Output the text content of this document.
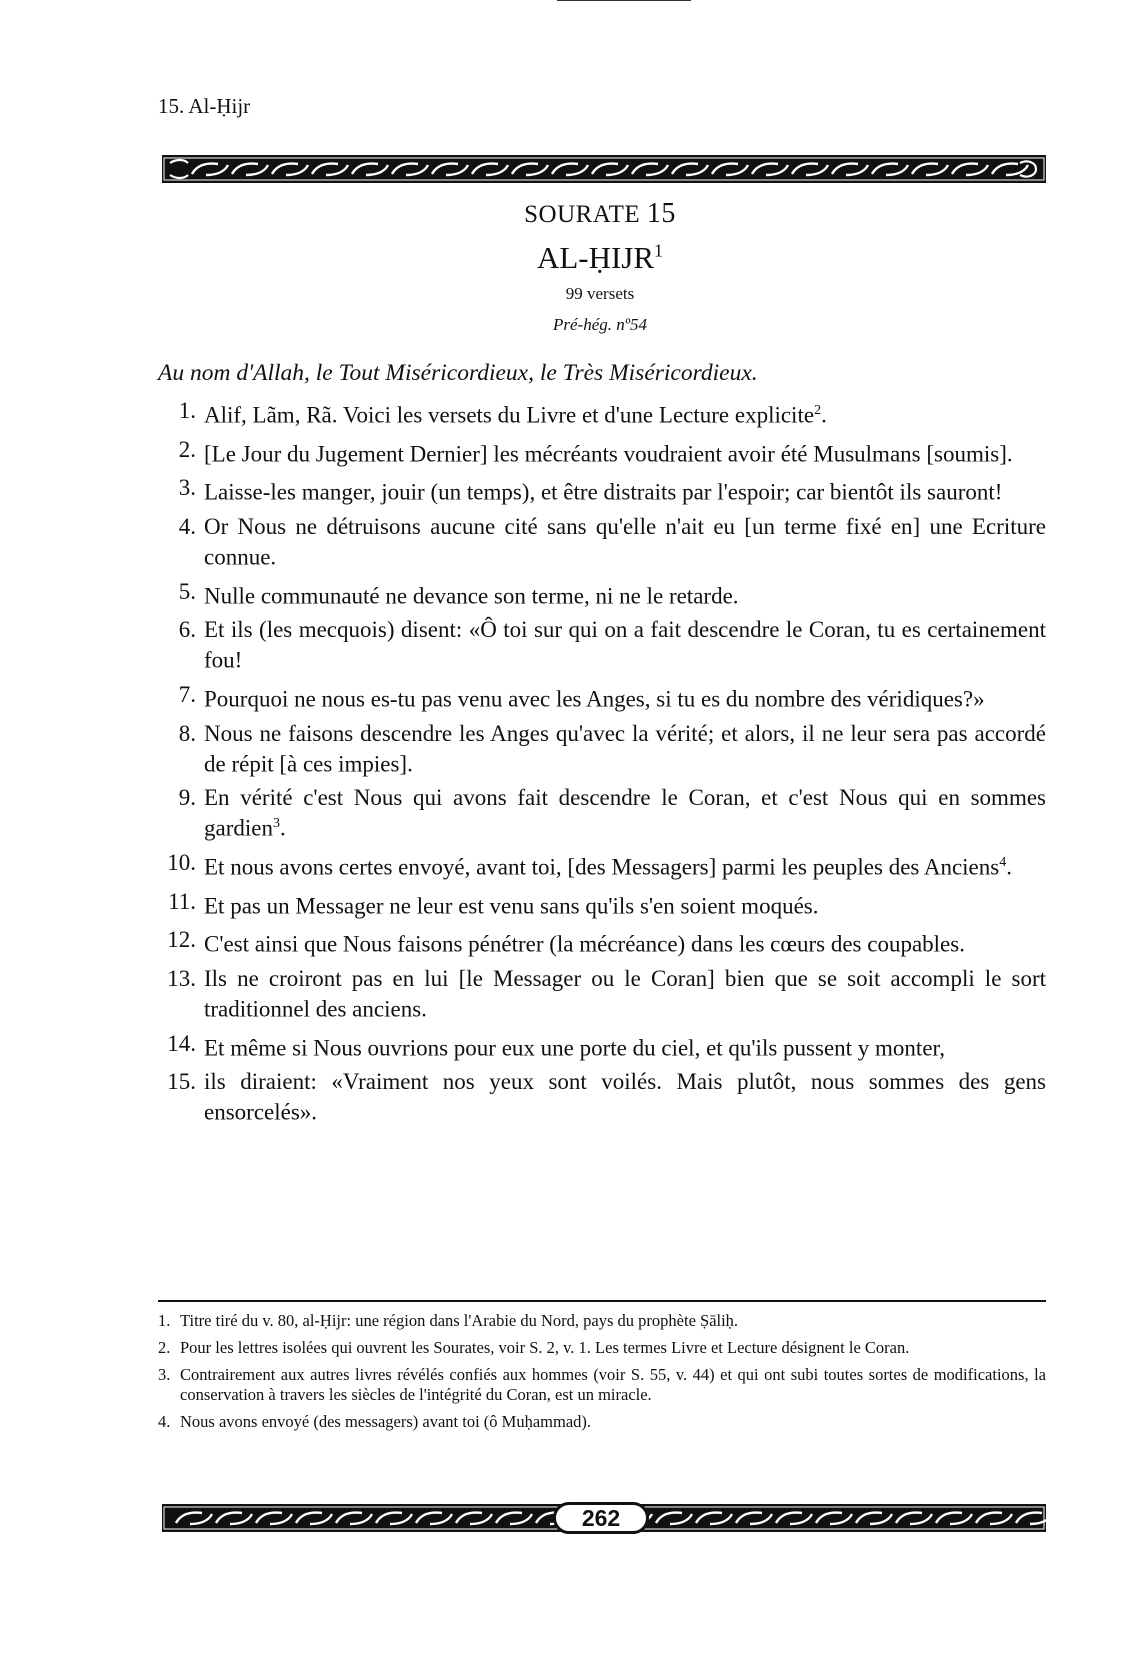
15. Al-Ḥijr
SOURATE 15
AL-ḤIJR$^1$
99 versets
Pré-hég. nº54
Au nom d'Allah, le Tout Miséricordieux, le Très Miséricordieux.
1. Alif, Lãm, Rã. Voici les versets du Livre et d'une Lecture explicite$^2$.
2. [Le Jour du Jugement Dernier] les mécréants voudraient avoir été Musulmans [soumis].
3. Laisse-les manger, jouir (un temps), et être distraits par l'espoir; car bientôt ils sauront!
4. Or Nous ne détruisons aucune cité sans qu'elle n'ait eu [un terme fixé en] une Ecriture connue.
5. Nulle communauté ne devance son terme, ni ne le retarde.
6. Et ils (les mecquois) disent: «Ô toi sur qui on a fait descendre le Coran, tu es certainement fou!
7. Pourquoi ne nous es-tu pas venu avec les Anges, si tu es du nombre des véridiques?»
8. Nous ne faisons descendre les Anges qu'avec la vérité; et alors, il ne leur sera pas accordé de répit [à ces impies].
9. En vérité c'est Nous qui avons fait descendre le Coran, et c'est Nous qui en sommes gardien$^3$.
10. Et nous avons certes envoyé, avant toi, [des Messagers] parmi les peuples des Anciens$^4$.
11. Et pas un Messager ne leur est venu sans qu'ils s'en soient moqués.
12. C'est ainsi que Nous faisons pénétrer (la mécréance) dans les cœurs des coupables.
13. Ils ne croiront pas en lui [le Messager ou le Coran] bien que se soit accompli le sort traditionnel des anciens.
14. Et même si Nous ouvrions pour eux une porte du ciel, et qu'ils pussent y monter,
15. ils diraient: «Vraiment nos yeux sont voilés. Mais plutôt, nous sommes des gens ensorcelés».
1. Titre tiré du v. 80, al-Ḥijr: une région dans l'Arabie du Nord, pays du prophète Ṣāliḥ.
2. Pour les lettres isolées qui ouvrent les Sourates, voir S. 2, v. 1. Les termes Livre et Lecture désignent le Coran.
3. Contrairement aux autres livres révélés confiés aux hommes (voir S. 55, v. 44) et qui ont subi toutes sortes de modifications, la conservation à travers les siècles de l'intégrité du Coran, est un miracle.
4. Nous avons envoyé (des messagers) avant toi (ô Muḥammad).
262
